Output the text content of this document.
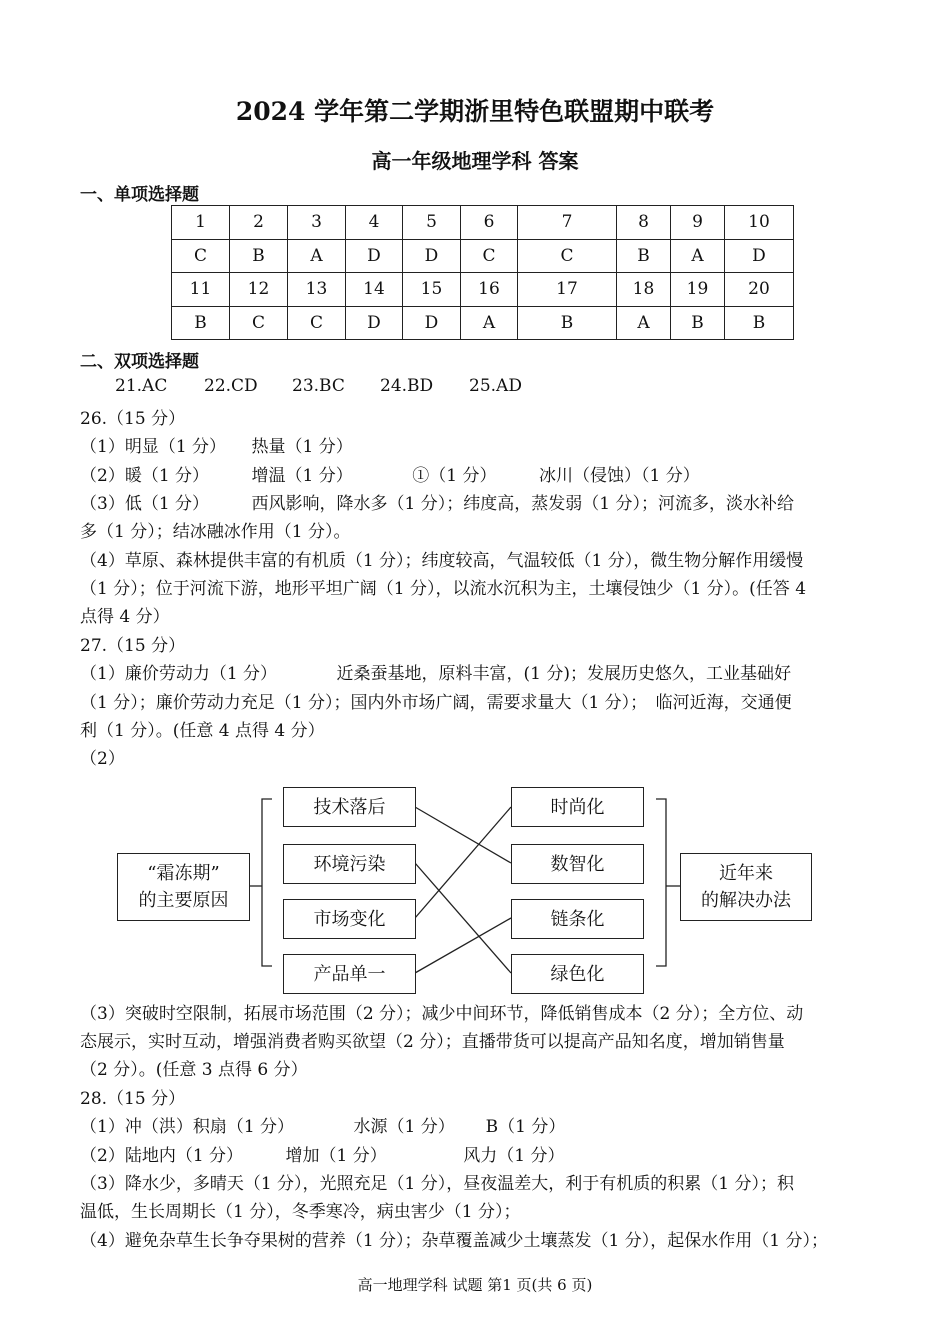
2024 学年第二学期浙里特色联盟期中联考
高一年级地理学科 答案
一、单项选择题
1	2	3	4	5	6	7	8	9	10
C	B	A	D	D	C	C	B	A	D
11	12	13	14	15	16	17	18	19	20
B	C	C	D	D	A	B	A	B	B
二、双项选择题
21.AC 22.CD 23.BC 24.BD 25.AD
26.（15 分）
（1）明显（1 分）　　热量（1 分）
（2）暖（1 分）　　　增温（1 分）　　　　①（1 分）　　　冰川（侵蚀）（1 分）
（3）低（1 分）　　　西风影响，降水多（1 分）；纬度高，蒸发弱（1 分）；河流多，淡水补给
多（1 分）；结冰融冰作用（1 分）。
（4）草原、森林提供丰富的有机质（1 分）；纬度较高，气温较低（1 分），微生物分解作用缓慢
（1 分）；位于河流下游，地形平坦广阔（1 分），以流水沉积为主，土壤侵蚀少（1 分）。(任答 4
点得 4 分）
27.（15 分）
（1）廉价劳动力（1 分）　　　　近桑蚕基地，原料丰富，(1 分)；发展历史悠久，工业基础好
（1 分）；廉价劳动力充足（1 分）；国内外市场广阔，需要求量大（1 分）；　临河近海，交通便
利（1 分）。(任意 4 点得 4 分）
（2）
“霜冻期”
的主要原因
技术落后
环境污染
市场变化
产品单一
时尚化
数智化
链条化
绿色化
近年来
的解决办法
（3）突破时空限制，拓展市场范围（2 分）；减少中间环节，降低销售成本（2 分）；全方位、动
态展示，实时互动，增强消费者购买欲望（2 分）；直播带货可以提高产品知名度，增加销售量
（2 分）。(任意 3 点得 6 分）
28.（15 分）
（1）冲（洪）积扇（1 分）　　　　水源（1 分）　　 B（1 分）
（2）陆地内（1 分）　　　增加（1 分）　　　　　风力（1 分）
（3）降水少，多晴天（1 分），光照充足（1 分），昼夜温差大，利于有机质的积累（1 分）；积
温低，生长周期长（1 分），冬季寒冷，病虫害少（1 分）；
（4）避免杂草生长争夺果树的营养（1 分）；杂草覆盖减少土壤蒸发（1 分），起保水作用（1 分）；
高一地理学科 试题 第1 页(共 6 页)
